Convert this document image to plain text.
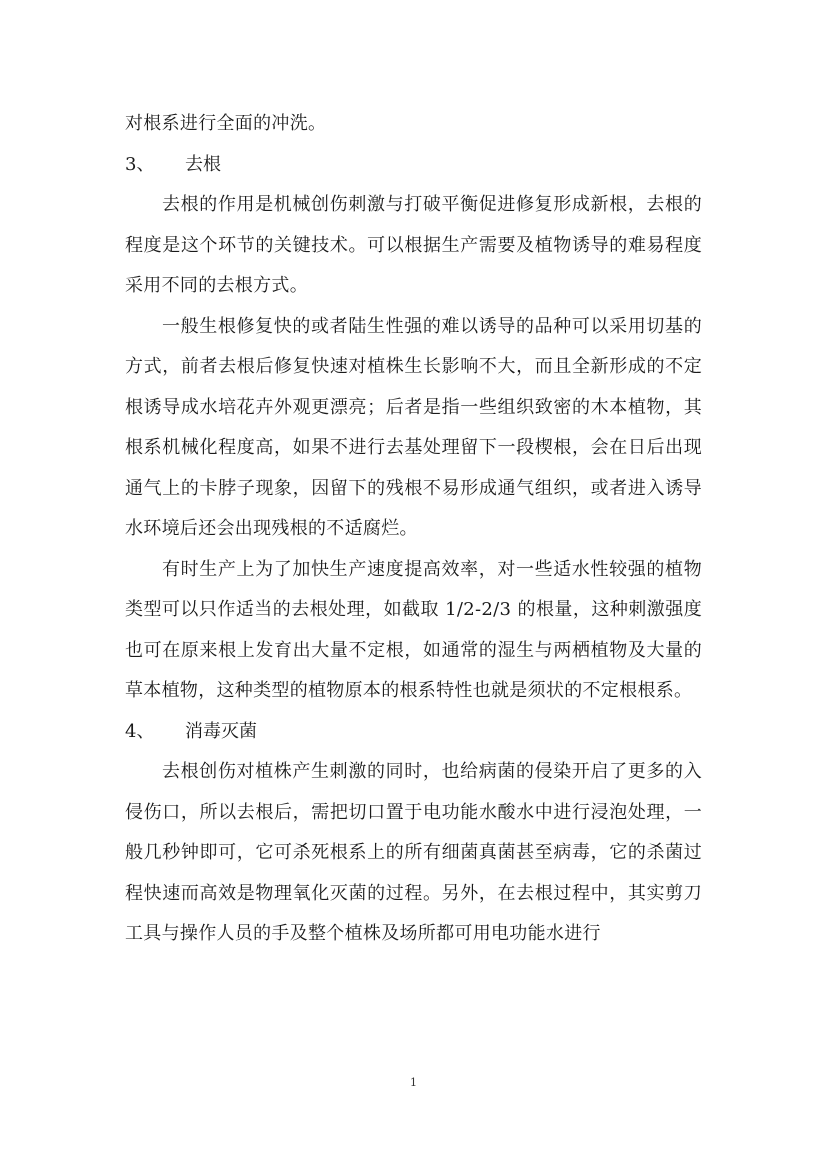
对根系进行全面的冲洗。

3、	去根

去根的作用是机械创伤刺激与打破平衡促进修复形成新根，去根的程度是这个环节的关键技术。可以根据生产需要及植物诱导的难易程度采用不同的去根方式。

一般生根修复快的或者陆生性强的难以诱导的品种可以采用切基的方式，前者去根后修复快速对植株生长影响不大，而且全新形成的不定根诱导成水培花卉外观更漂亮；后者是指一些组织致密的木本植物，其根系机械化程度高，如果不进行去基处理留下一段楔根，会在日后出现通气上的卡脖子现象，因留下的残根不易形成通气组织，或者进入诱导水环境后还会出现残根的不适腐烂。

有时生产上为了加快生产速度提高效率，对一些适水性较强的植物类型可以只作适当的去根处理，如截取 1/2-2/3 的根量，这种刺激强度也可在原来根上发育出大量不定根，如通常的湿生与两栖植物及大量的草本植物，这种类型的植物原本的根系特性也就是须状的不定根根系。

4、	消毒灭菌

去根创伤对植株产生刺激的同时，也给病菌的侵染开启了更多的入侵伤口，所以去根后，需把切口置于电功能水酸水中进行浸泡处理，一般几秒钟即可，它可杀死根系上的所有细菌真菌甚至病毒，它的杀菌过程快速而高效是物理氧化灭菌的过程。另外，在去根过程中，其实剪刀工具与操作人员的手及整个植株及场所都可用电功能水进行

1
